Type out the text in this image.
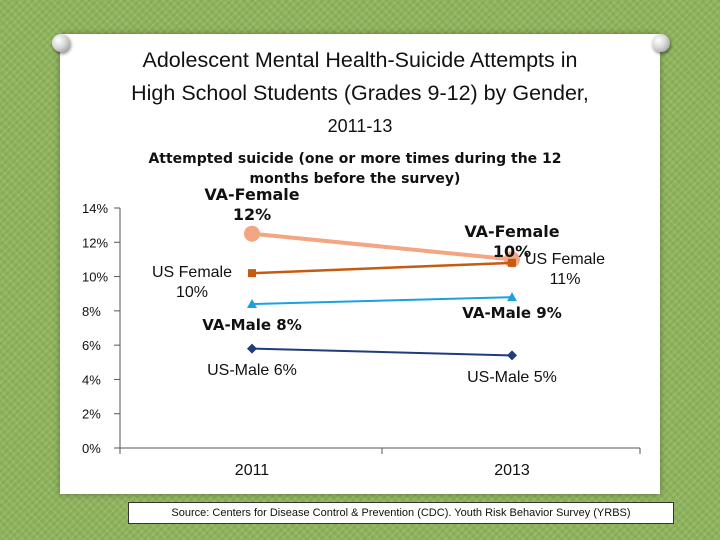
Adolescent Mental Health-Suicide Attempts in
High School Students (Grades 9-12) by Gender,
2011-13
Attempted suicide (one or more times during the 12
months before the survey)
14%
12%
10%
8%
6%
4%
2%
0%
2011	2013
VA-Female
12%
VA-Female
10%
US Female
10%
US Female
11%
VA-Male 8%
VA-Male 9%
US-Male 6%	US-Male 5%
Source: Centers for Disease Control & Prevention (CDC). Youth Risk Behavior Survey (YRBS)
